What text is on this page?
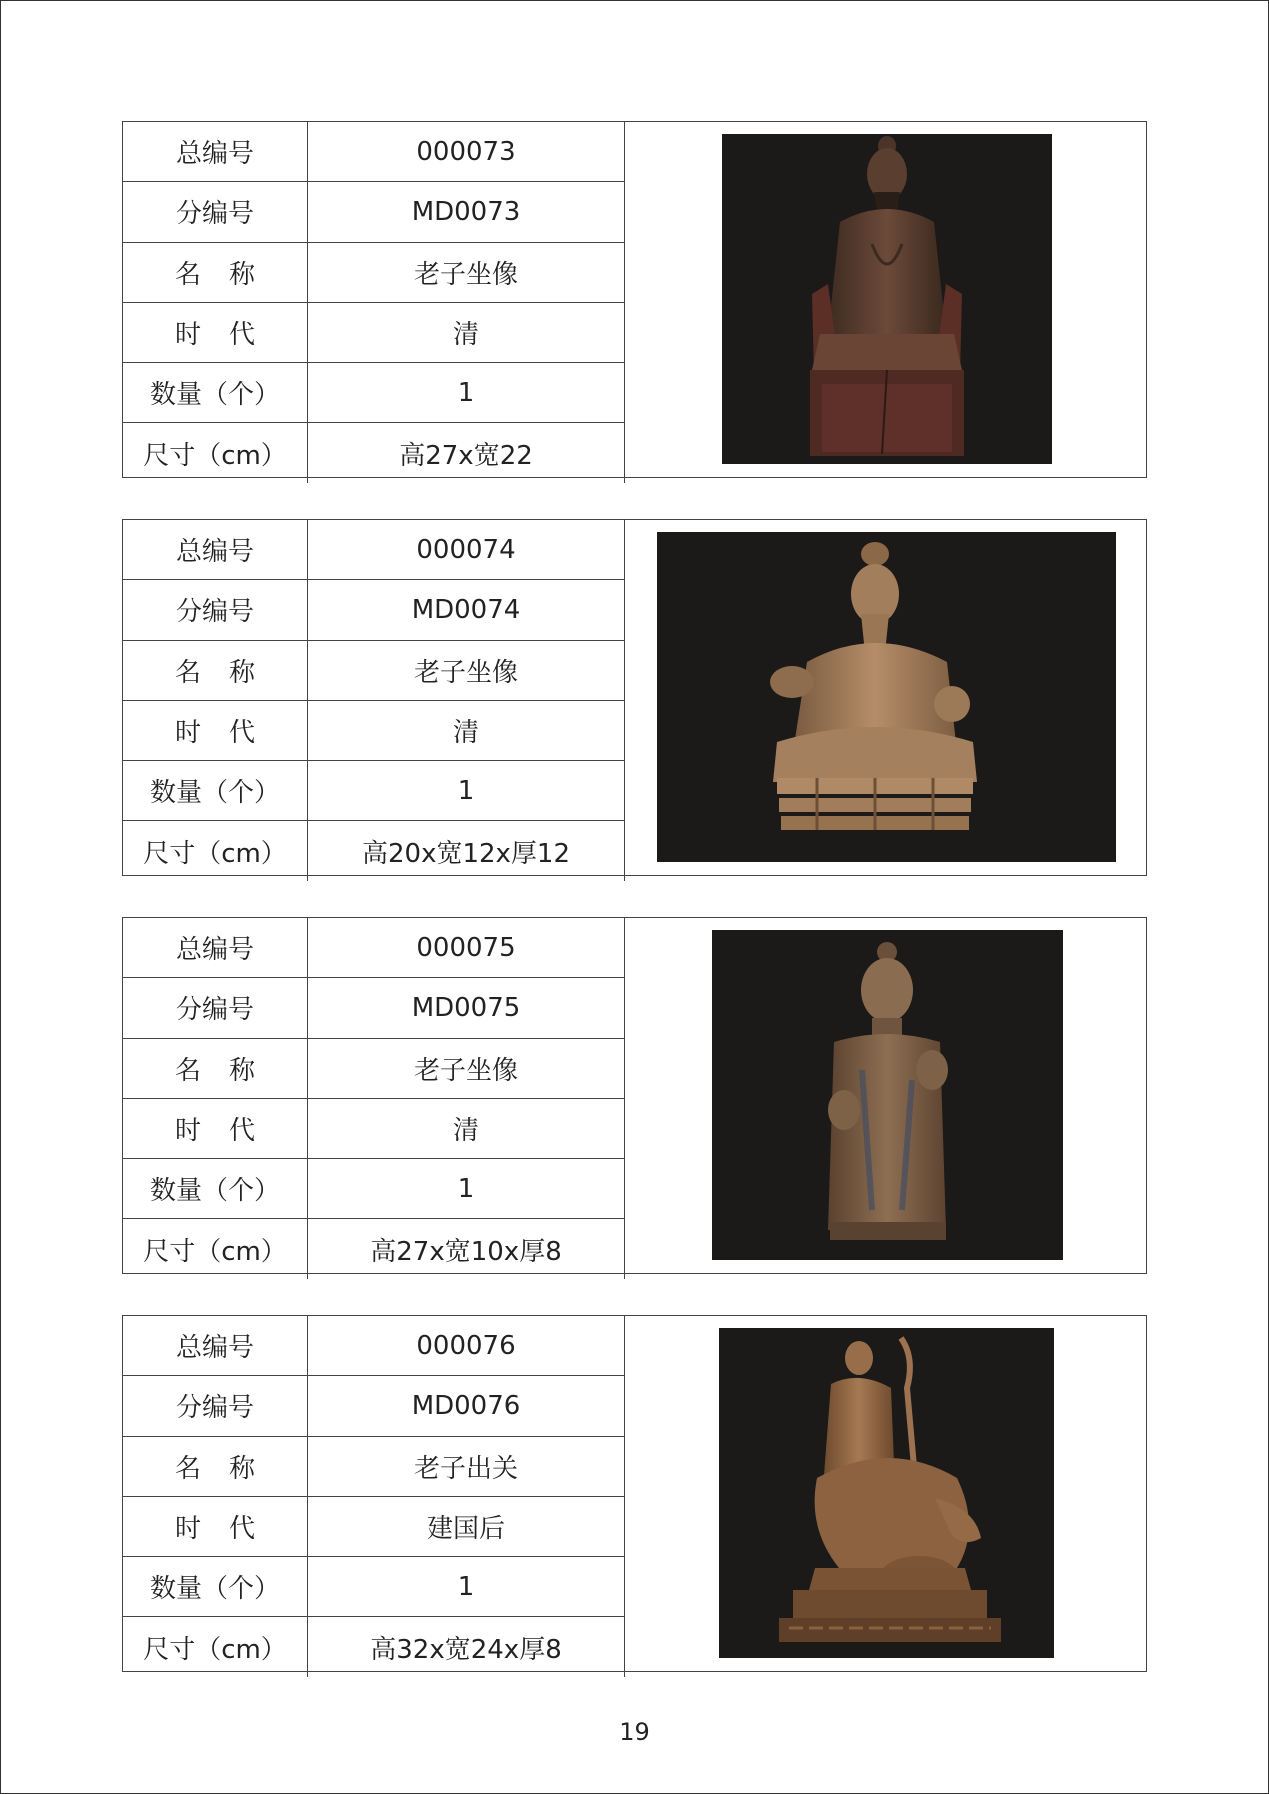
总编号	000073
分编号	MD0073
名称	老子坐像
时代	清
数量（个）	1
尺寸（cm）	高27x宽22
总编号	000074
分编号	MD0074
名称	老子坐像
时代	清
数量（个）	1
尺寸（cm）	高20x宽12x厚12
总编号	000075
分编号	MD0075
名称	老子坐像
时代	清
数量（个）	1
尺寸（cm）	高27x宽10x厚8
总编号	000076
分编号	MD0076
名称	老子出关
时代	建国后
数量（个）	1
尺寸（cm）	高32x宽24x厚8
19
